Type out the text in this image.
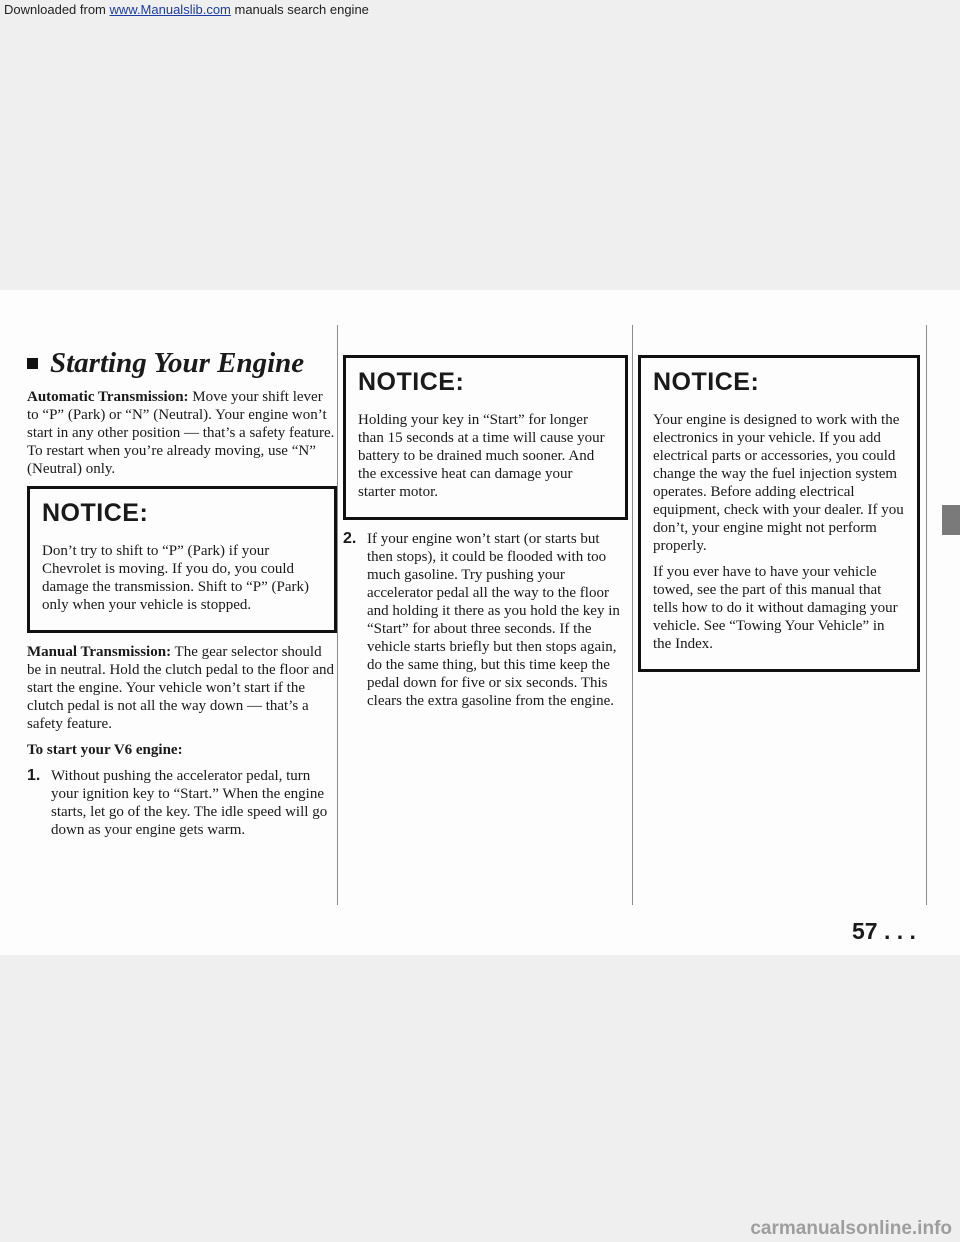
Downloaded from www.Manualslib.com manuals search engine
Starting Your Engine

Automatic Transmission: Move your shift lever to “P” (Park) or “N” (Neutral). Your engine won’t start in any other position — that’s a safety feature. To restart when you’re already moving, use “N” (Neutral) only.

NOTICE:

Don’t try to shift to “P” (Park) if your Chevrolet is moving. If you do, you could damage the transmission. Shift to “P” (Park) only when your vehicle is stopped.

Manual Transmission: The gear selector should be in neutral. Hold the clutch pedal to the floor and start the engine. Your vehicle won’t start if the clutch pedal is not all the way down — that’s a safety feature.

To start your V6 engine:

1. Without pushing the accelerator pedal, turn your ignition key to “Start.” When the engine starts, let go of the key. The idle speed will go down as your engine gets warm.
NOTICE:

Holding your key in “Start” for longer than 15 seconds at a time will cause your battery to be drained much sooner. And the excessive heat can damage your starter motor.

2. If your engine won’t start (or starts but then stops), it could be flooded with too much gasoline. Try pushing your accelerator pedal all the way to the floor and holding it there as you hold the key in “Start” for about three seconds. If the vehicle starts briefly but then stops again, do the same thing, but this time keep the pedal down for five or six seconds. This clears the extra gasoline from the engine.
NOTICE:

Your engine is designed to work with the electronics in your vehicle. If you add electrical parts or accessories, you could change the way the fuel injection system operates. Before adding electrical equipment, check with your dealer. If you don’t, your engine might not perform properly.

If you ever have to have your vehicle towed, see the part of this manual that tells how to do it without damaging your vehicle. See “Towing Your Vehicle” in the Index.

57 . . .
carmanualsonline.info
